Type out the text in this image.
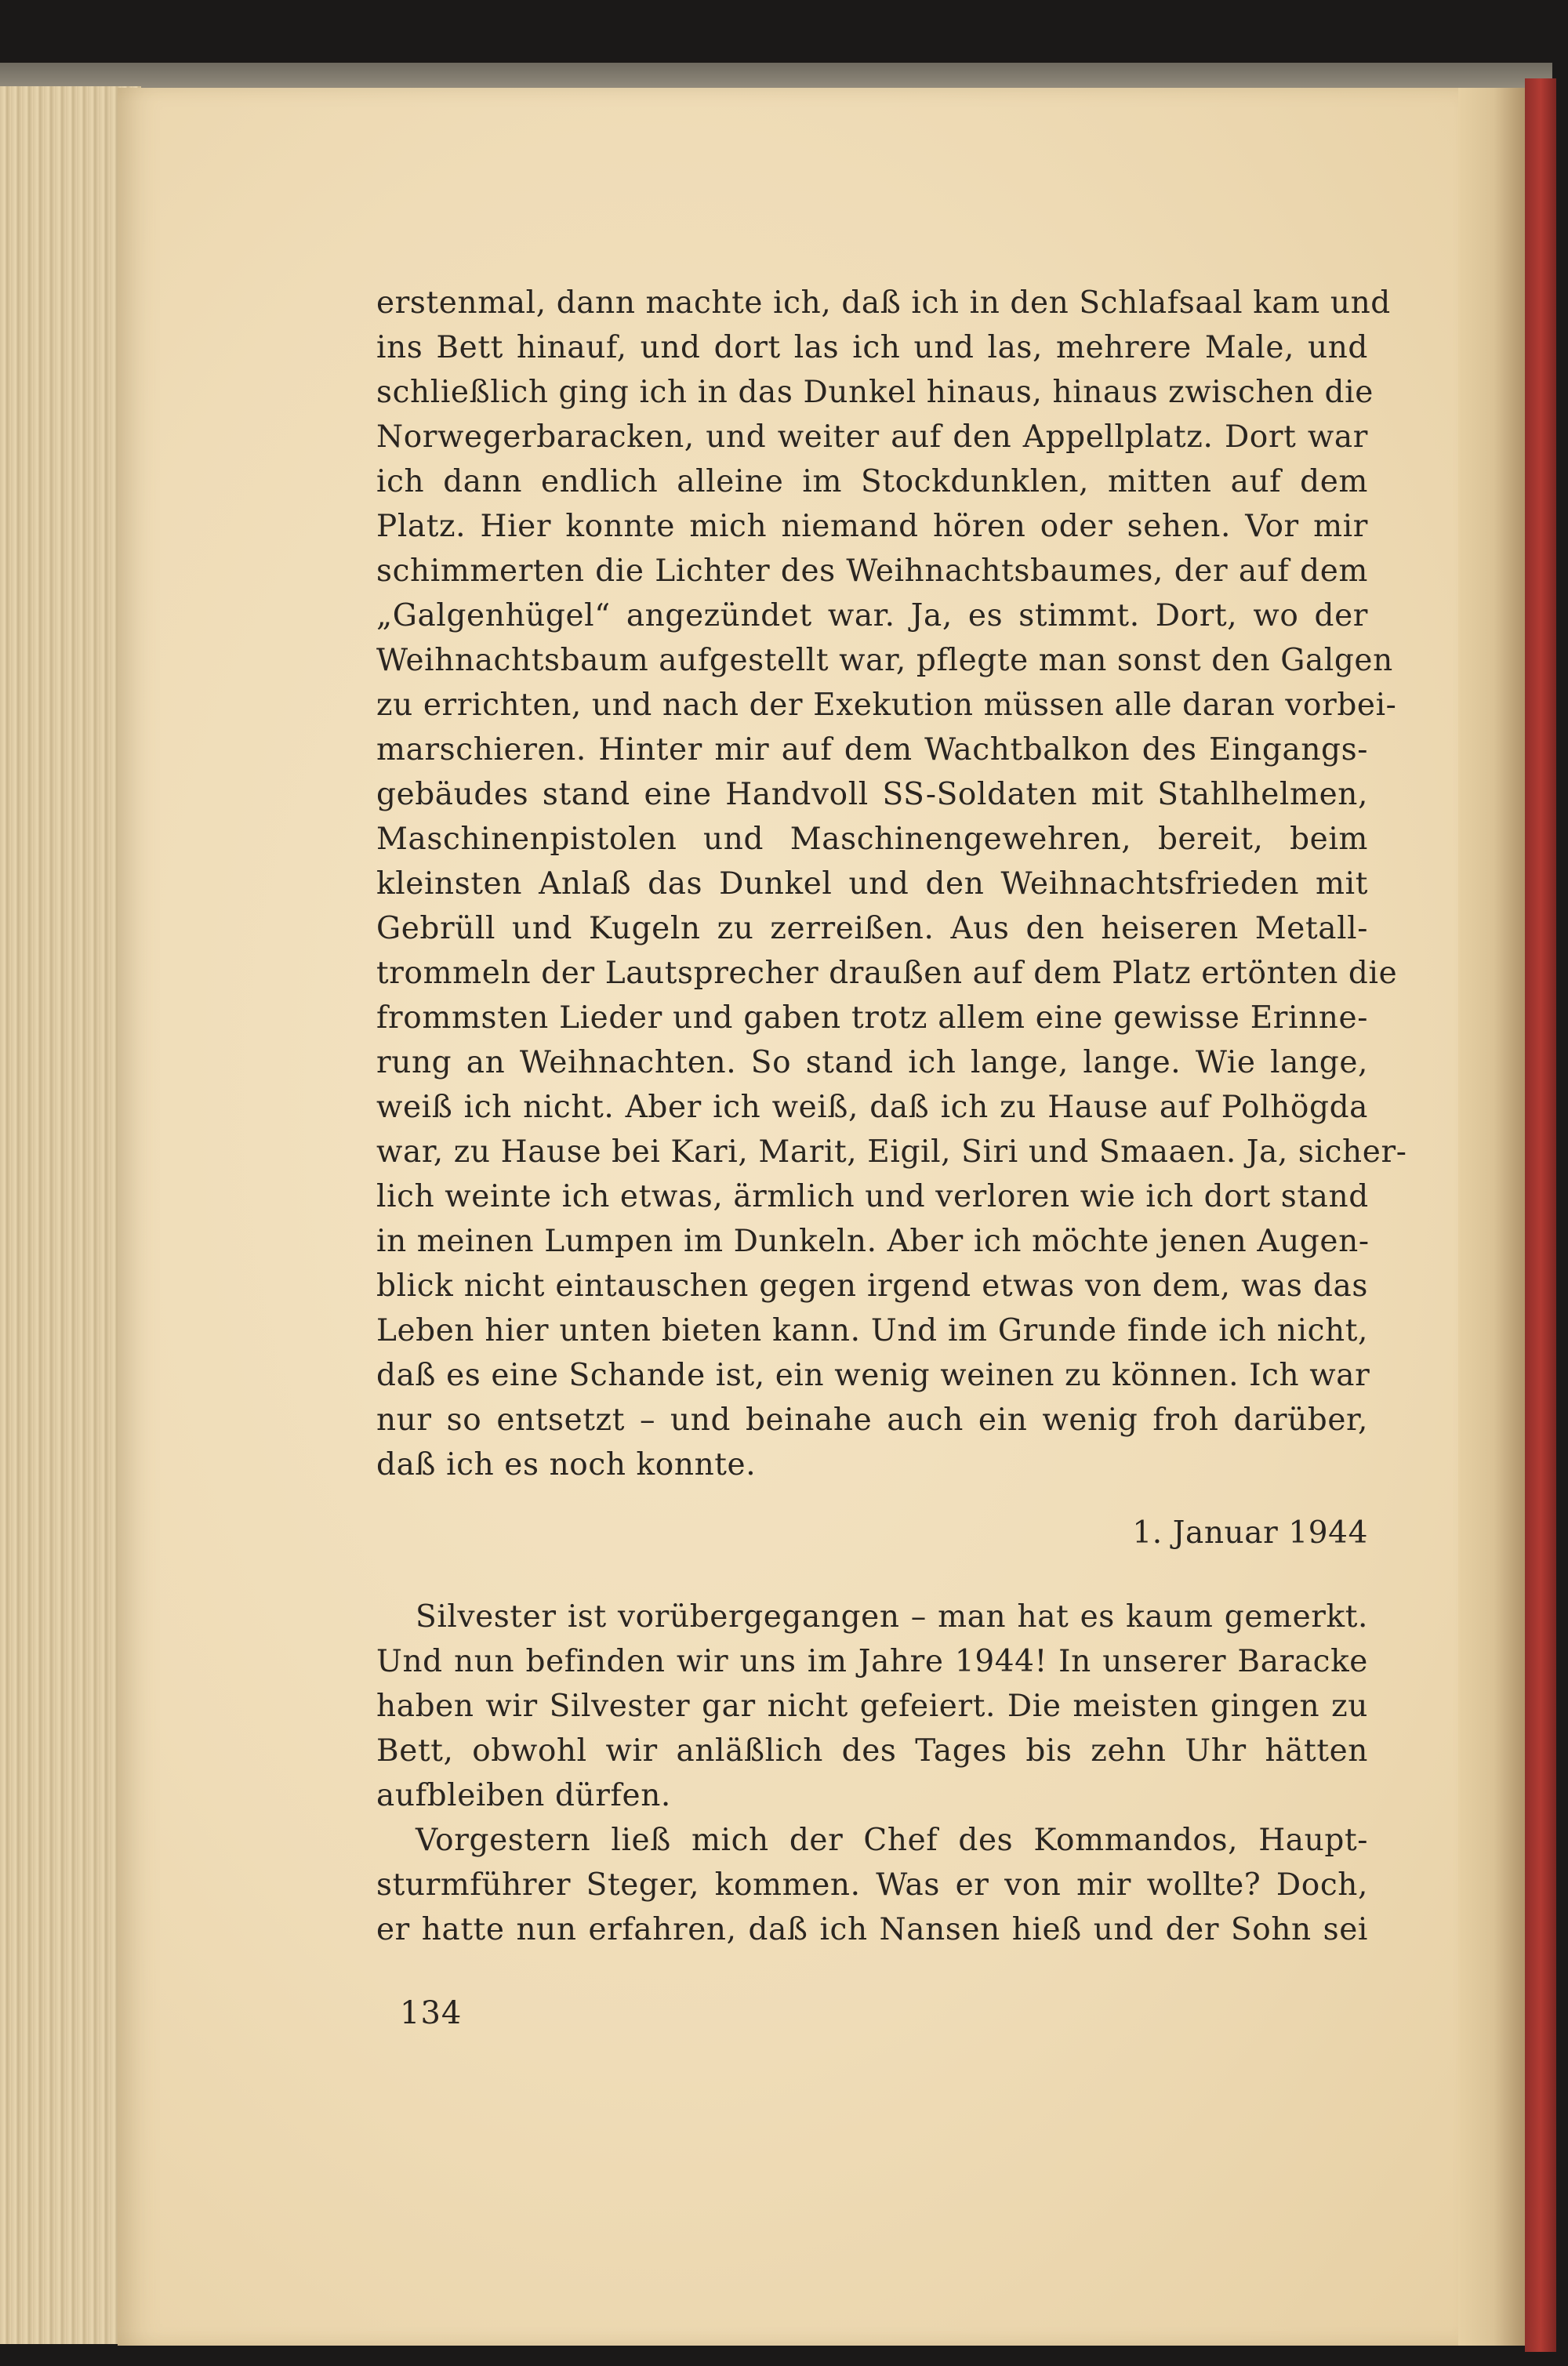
erstenmal, dann machte ich, daß ich in den Schlafsaal kam und
ins Bett hinauf, und dort las ich und las, mehrere Male, und
schließlich ging ich in das Dunkel hinaus, hinaus zwischen die
Norwegerbaracken, und weiter auf den Appellplatz. Dort war
ich dann endlich alleine im Stockdunklen, mitten auf dem
Platz. Hier konnte mich niemand hören oder sehen. Vor mir
schimmerten die Lichter des Weihnachtsbaumes, der auf dem
„Galgenhügel“ angezündet war. Ja, es stimmt. Dort, wo der
Weihnachtsbaum aufgestellt war, pflegte man sonst den Galgen
zu errichten, und nach der Exekution müssen alle daran vorbei-
marschieren. Hinter mir auf dem Wachtbalkon des Eingangs-
gebäudes stand eine Handvoll SS-Soldaten mit Stahlhelmen,
Maschinenpistolen und Maschinengewehren, bereit, beim
kleinsten Anlaß das Dunkel und den Weihnachtsfrieden mit
Gebrüll und Kugeln zu zerreißen. Aus den heiseren Metall-
trommeln der Lautsprecher draußen auf dem Platz ertönten die
frommsten Lieder und gaben trotz allem eine gewisse Erinne-
rung an Weihnachten. So stand ich lange, lange. Wie lange,
weiß ich nicht. Aber ich weiß, daß ich zu Hause auf Polhögda
war, zu Hause bei Kari, Marit, Eigil, Siri und Smaaen. Ja, sicher-
lich weinte ich etwas, ärmlich und verloren wie ich dort stand
in meinen Lumpen im Dunkeln. Aber ich möchte jenen Augen-
blick nicht eintauschen gegen irgend etwas von dem, was das
Leben hier unten bieten kann. Und im Grunde finde ich nicht,
daß es eine Schande ist, ein wenig weinen zu können. Ich war
nur so entsetzt – und beinahe auch ein wenig froh darüber,
daß ich es noch konnte.
1. Januar 1944
Silvester ist vorübergegangen – man hat es kaum gemerkt.
Und nun befinden wir uns im Jahre 1944! In unserer Baracke
haben wir Silvester gar nicht gefeiert. Die meisten gingen zu
Bett, obwohl wir anläßlich des Tages bis zehn Uhr hätten
aufbleiben dürfen.
Vorgestern ließ mich der Chef des Kommandos, Haupt-
sturmführer Steger, kommen. Was er von mir wollte? Doch,
er hatte nun erfahren, daß ich Nansen hieß und der Sohn sei
134
